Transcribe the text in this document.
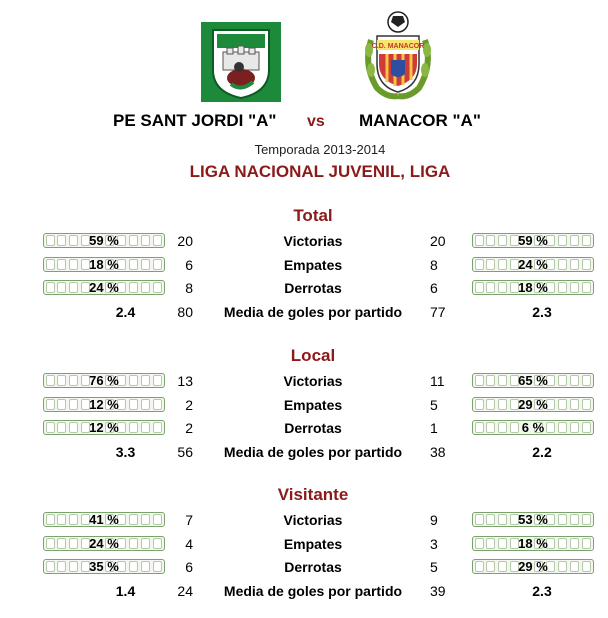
C.D. MANACOR
PE SANT JORDI "A" vs MANACOR "A"
Temporada 2013-2014
LIGA NACIONAL JUVENIL, LIGA
Total
59 %	20	Victorias	20	59 %
18 %	6	Empates	8	24 %
24 %	8	Derrotas	6	18 %
2.4	80	Media de goles por partido	77	2.3
Local
76 %	13	Victorias	11	65 %
12 %	2	Empates	5	29 %
12 %	2	Derrotas	1	6 %
3.3	56	Media de goles por partido	38	2.2
Visitante
41 %	7	Victorias	9	53 %
24 %	4	Empates	3	18 %
35 %	6	Derrotas	5	29 %
1.4	24	Media de goles por partido	39	2.3
